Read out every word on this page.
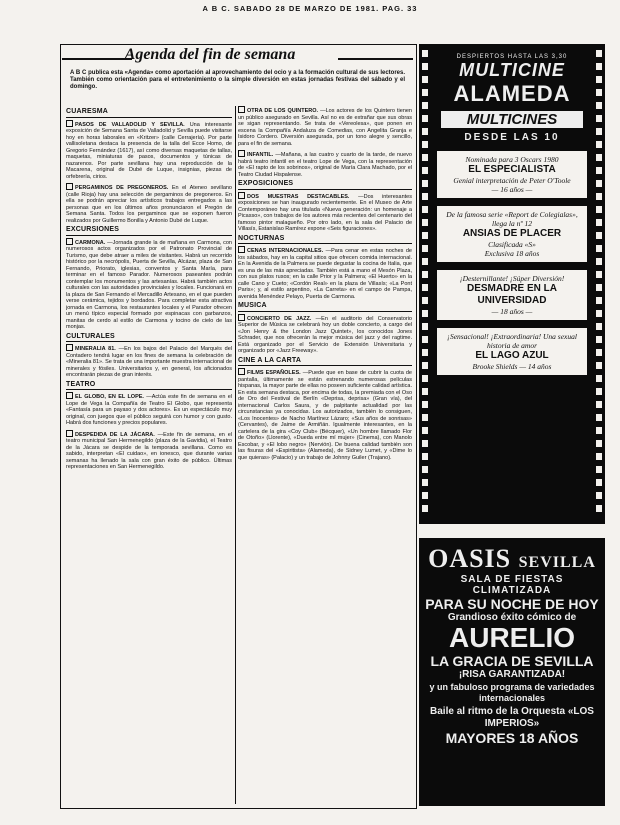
A B C. SABADO 28 DE MARZO DE 1981. PAG. 33
Agenda del fin de semana
A B C publica esta «Agenda» como aportación al aprovechamiento del ocio y a la formación cultural de sus lectores. También como orientación para el entretenimiento o la simple diversión en estas jornadas festivas del sábado y el domingo.
CUARESMA
PASOS DE VALLADOLID Y SEVILLA. Una interesante exposición de Semana Santa de Valladolid y Sevilla puede visitarse hoy en horas laborales en «Kritzer» (calle Cerrajería). Por parte vallisoletana destaca la presencia de la talla del Ecce Homo, de Gregorio Fernández (1617), así como diversas maquetas de tallas, maquetas, miniaturas de pasos, documentos y túnicas de nazarenos. Por parte sevillana hay una reproducción de la Macarena, original de Dubé de Luque, insignias, piezas de orfebrería, cirios.
PERGAMINOS DE PREGONEROS. En el Ateneo sevillano (calle Rioja) hay una selección de pergaminos de pregoneros. En ella se podrán apreciar los artísticos trabajos entregados a las personas que en los últimos años pronunciaron el Pregón de Semana Santa. Todos los pergaminos que se exponen fueron realizados por Guillermo Bonilla y Antonio Dubé de Luque.
EXCURSIONES
CARMONA. —Jornada grande la de mañana en Carmona, con numerosos actos organizados por el Patronato Provincial de Turismo, que debe atraer a miles de visitantes. Habrá un recorrido histórico por la necrópolis, Puerta de Sevilla, Alcázar, plaza de San Fernando, Priorato, iglesias, conventos y Santa María, para terminar en el famoso Parador. Numerosos paseantes podrán contemplar los monumentos y las artesanías. Habrá también actos culturales con las autoridades provinciales y locales. Funcionará en la plaza de San Fernando el Mercadillo Artesano, en el que pueden verse cerámica, tejidos y bordados. Para completar esta atractiva jornada en Carmona, los restaurantes locales y el Parador ofrecen un menú típico especial formado por espinacas con garbanzos, manitas de cerdo al estilo de Carmona y tocino de cielo de las monjas.
CULTURALES
MINERALIA 81. —En los bajos del Palacio del Marqués del Contadero tendrá lugar en los fines de semana la celebración de «Mineralia 81». Se trata de una importante muestra internacional de minerales y fósiles. Universitarios y, en general, los aficionados encontrarán piezas de gran interés.
TEATRO
EL GLOBO, EN EL LOPE. —Actúa este fin de semana en el Lope de Vega la Compañía de Teatro El Globo, que representa «Fantasía para un payaso y dos actores». Es un espectáculo muy original, con juegos que el público seguirá con humor y con gusto. Habrá dos funciones y precios populares.
DESPEDIDA DE LA JÁCARA. —Este fin de semana, en el teatro municipal San Hermenegildo (plaza de la Gavidia), el Teatro de la Jácara se despide de la temporada sevillana. Como es sabido, interpretan «El cuidao», en ionesco, que durante varias semanas ha llenado la sala con gran éxito de público. Últimas representaciones en San Hermenegildo.
OTRA DE LOS QUINTERO. —Los actores de los Quintero tienen un público asegurado en Sevilla. Así no es de extrañar que sus obras se sigan representando. Se trata de «Vereolesa», que ponen en escena la Compañía Andaluza de Comedias, con Angelita Granja e Isidoro Cordero. Diversión asegurada, por un tono alegre y sencillo, para el fin de semana.
INFANTIL. —Mañana, a las cuatro y cuarto de la tarde, de nuevo habrá teatro infantil en el teatro Lope de Vega, con la representación de «El rapto de los sobrinos», original de María Clara Machado, por el Teatro Ciudad Hispalense.
EXPOSICIONES
DOS MUESTRAS DESTACABLES. —Dos interesantes exposiciones se han inaugurado recientemente. En el Museo de Arte Contemporáneo hay una titulada «Nueva generación: un homenaje a Picasso», con trabajos de los autores más recientes del centenario del famoso pintor malagueño. Por otro lado, en la sala del Palacio de Villasís, Estanislao Ramírez expone «Seis figuraciones».
NOCTURNAS
CENAS INTERNACIONALES. —Para cenar en estas noches de los sábados, hay en la capital sitios que ofrecen comida internacional. En la Avenida de la Palmera se puede degustar la cocina de Italia, que es una de las más apreciadas. También está a mano el Mesón Plaza, con sus platos rusos; en la calle Prior y la Palmera; «El Huerto» en la calle Cano y Cueto; «Cordón Real» en la plaza de Villasís; «La Pont Paris»; y, al estilo argentino, «La Carreta» en el campo de Pampa, avenida Menéndez Pelayo, Puerta de Carmona.
MUSICA
CONCIERTO DE JAZZ. —En el auditorio del Conservatorio Superior de Música se celebrará hoy un doble concierto, a cargo del «Jon Henry & the London Jazz Quintet», los conocidos Jones Schrader, que nos ofrecerán la mejor música del jazz y del ragtime. Está organizado por el Servicio de Extensión Universitaria y organizado por «Jazz Freeway».
CINE A LA CARTA
FILMS ESPAÑOLES. —Puede que en base de cubrir la cuota de pantalla, últimamente se están estrenando numerosas películas hispanas, la mayor parte de ellas no poseen suficiente calidad artística. En esta semana destaca, por encima de todas, la premiada con el Oso de Oro del Festival de Berlín «Deprisa, deprisa» (Gran vía), del internacional Carlos Saura, y de palpitante actualidad por las circunstancias ya conocidas. Los autorizados, también lo consiguen, «Los Inocentes» de Nacho Martínez Lázaro; «Sus años de sonrisas» (Cervantes), de Jaime de Armiñán. Igualmente interesantes, en la cartelera de la gira «Coy Club» (Bécquer), «Un hombre llamado Flor de Otoño» (Llorente), «Dueda entre mí mujer» (Cinema), con Manolo Escobar, y «El lobo negro» (Nervión). De buena calidad también son las fisuras del «Espiritista» (Alameda), de Sidney Lumet, y «Dime lo que quieras» (Palacio) y un trabajo de Johnny Guiler (Trajano).
DESPIERTOS HASTA LAS 3,30
MULTICINE
ALAMEDA
MULTICINES
DESDE LAS 10
Nominada para 3 Oscars 1980
EL ESPECIALISTA
Genial interpretación de Peter O'Toole
— 16 años —
De la famosa serie «Report de Colegialas», llega la nº 12
ANSIAS DE PLACER
Clasificada «S»
Exclusiva 18 años
¡Desternillante! ¡Súper Diversión!
DESMADRE EN LA UNIVERSIDAD
— 18 años —
¡Sensacional! ¡Extraordinaria! Una sexual historia de amor
EL LAGO AZUL
Brooke Shields — 14 años
OASIS SEVILLA
SALA DE FIESTAS
CLIMATIZADA
PARA SU NOCHE DE HOY
Grandioso éxito cómico de
AURELIO
LA GRACIA DE SEVILLA
¡RISA GARANTIZADA!
y un fabuloso programa de variedades internacionales
Baile al ritmo de la Orquesta «LOS IMPERIOS»
MAYORES 18 AÑOS
